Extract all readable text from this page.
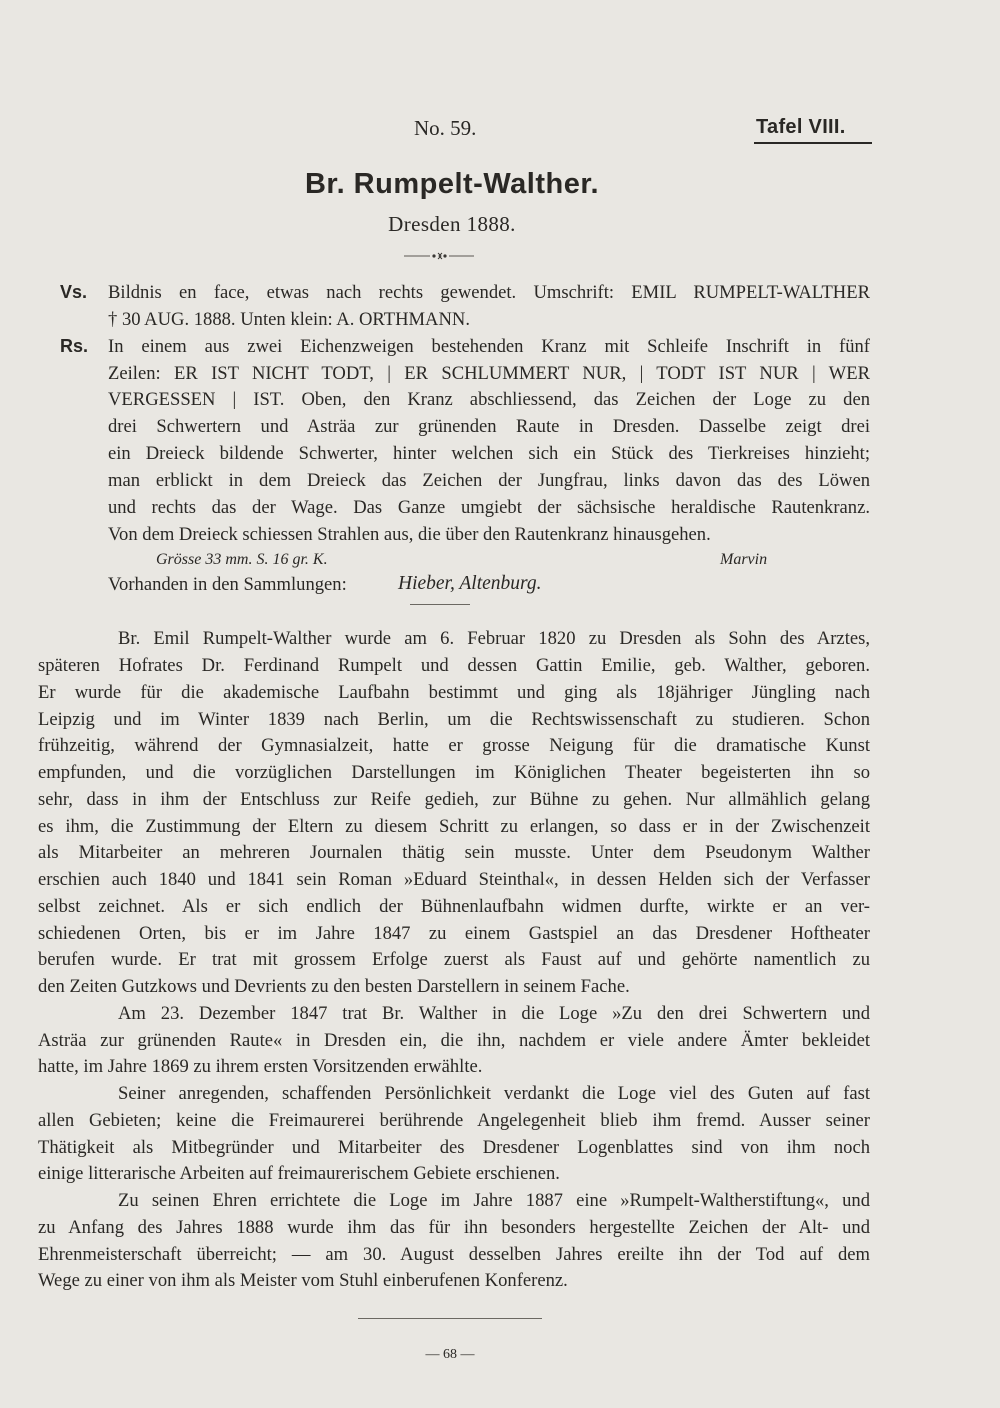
No. 59.	Tafel VIII.
Br. Rumpelt-Walther.
Dresden 1888.
Vs. Bildnis en face, etwas nach rechts gewendet. Umschrift: EMIL RUMPELT-WALTHER
† 30 AUG. 1888. Unten klein: A. ORTHMANN.
Rs. In einem aus zwei Eichenzweigen bestehenden Kranz mit Schleife Inschrift in fünf
Zeilen: ER IST NICHT TODT, | ER SCHLUMMERT NUR, | TODT IST NUR | WER
VERGESSEN | IST. Oben, den Kranz abschliessend, das Zeichen der Loge zu den
drei Schwertern und Asträa zur grünenden Raute in Dresden. Dasselbe zeigt drei
ein Dreieck bildende Schwerter, hinter welchen sich ein Stück des Tierkreises hinzieht;
man erblickt in dem Dreieck das Zeichen der Jungfrau, links davon das des Löwen
und rechts das der Wage. Das Ganze umgiebt der sächsische heraldische Rautenkranz.
Von dem Dreieck schiessen Strahlen aus, die über den Rautenkranz hinausgehen.
Grösse 33 mm. S. 16 gr. K.	Marvin
Vorhanden in den Sammlungen:	Hieber, Altenburg.
Br. Emil Rumpelt-Walther wurde am 6. Februar 1820 zu Dresden als Sohn des Arztes,
späteren Hofrates Dr. Ferdinand Rumpelt und dessen Gattin Emilie, geb. Walther, geboren.
Er wurde für die akademische Laufbahn bestimmt und ging als 18jähriger Jüngling nach
Leipzig und im Winter 1839 nach Berlin, um die Rechtswissenschaft zu studieren. Schon
frühzeitig, während der Gymnasialzeit, hatte er grosse Neigung für die dramatische Kunst
empfunden, und die vorzüglichen Darstellungen im Königlichen Theater begeisterten ihn so
sehr, dass in ihm der Entschluss zur Reife gedieh, zur Bühne zu gehen. Nur allmählich gelang
es ihm, die Zustimmung der Eltern zu diesem Schritt zu erlangen, so dass er in der Zwischenzeit
als Mitarbeiter an mehreren Journalen thätig sein musste. Unter dem Pseudonym Walther
erschien auch 1840 und 1841 sein Roman »Eduard Steinthal«, in dessen Helden sich der Verfasser
selbst zeichnet. Als er sich endlich der Bühnenlaufbahn widmen durfte, wirkte er an ver-
schiedenen Orten, bis er im Jahre 1847 zu einem Gastspiel an das Dresdener Hoftheater
berufen wurde. Er trat mit grossem Erfolge zuerst als Faust auf und gehörte namentlich zu
den Zeiten Gutzkows und Devrients zu den besten Darstellern in seinem Fache.
Am 23. Dezember 1847 trat Br. Walther in die Loge »Zu den drei Schwertern und
Asträa zur grünenden Raute« in Dresden ein, die ihn, nachdem er viele andere Ämter bekleidet
hatte, im Jahre 1869 zu ihrem ersten Vorsitzenden erwählte.
Seiner anregenden, schaffenden Persönlichkeit verdankt die Loge viel des Guten auf fast
allen Gebieten; keine die Freimaurerei berührende Angelegenheit blieb ihm fremd. Ausser seiner
Thätigkeit als Mitbegründer und Mitarbeiter des Dresdener Logenblattes sind von ihm noch
einige litterarische Arbeiten auf freimaurerischem Gebiete erschienen.
Zu seinen Ehren errichtete die Loge im Jahre 1887 eine »Rumpelt-Waltherstiftung«, und
zu Anfang des Jahres 1888 wurde ihm das für ihn besonders hergestellte Zeichen der Alt- und
Ehrenmeisterschaft überreicht; — am 30. August desselben Jahres ereilte ihn der Tod auf dem
Wege zu einer von ihm als Meister vom Stuhl einberufenen Konferenz.
— 68 —
